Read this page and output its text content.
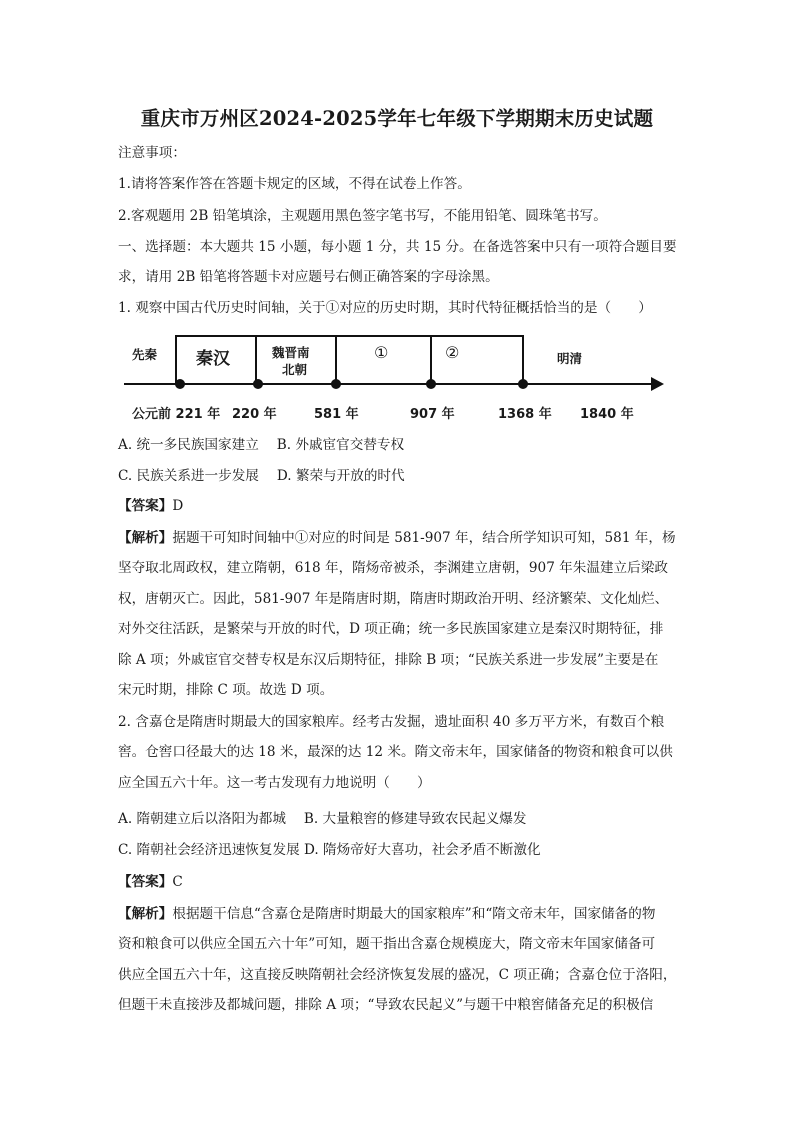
重庆市万州区2024-2025学年七年级下学期期末历史试题
注意事项：
1.请将答案作答在答题卡规定的区域，不得在试卷上作答。
2.客观题用 2B 铅笔填涂，主观题用黑色签字笔书写，不能用铅笔、圆珠笔书写。
一、选择题：本大题共 15 小题，每小题 1 分，共 15 分。在备选答案中只有一项符合题目要
求，请用 2B 铅笔将答题卡对应题号右侧正确答案的字母涂黑。
1. 观察中国古代历史时间轴，关于①对应的历史时期，其时代特征概括恰当的是（　　）
先秦 秦汉	魏晋南
北朝
①	②	明清
公元前 221 年 220 年	581 年	907 年	1368 年 1840 年
A. 统一多民族国家建立　 B. 外戚宦官交替专权
C. 民族关系进一步发展　 D. 繁荣与开放的时代
【答案】D
【解析】据题干可知时间轴中①对应的时间是 581-907 年，结合所学知识可知，581 年，杨
坚夺取北周政权，建立隋朝，618 年，隋炀帝被杀，李渊建立唐朝，907 年朱温建立后梁政
权，唐朝灭亡。因此，581-907 年是隋唐时期，隋唐时期政治开明、经济繁荣、文化灿烂、
对外交往活跃，是繁荣与开放的时代，D 项正确；统一多民族国家建立是秦汉时期特征，排
除 A 项；外戚宦官交替专权是东汉后期特征，排除 B 项；“民族关系进一步发展”主要是在
宋元时期，排除 C 项。故选 D 项。
2. 含嘉仓是隋唐时期最大的国家粮库。经考古发掘，遗址面积 40 多万平方米，有数百个粮
窖。仓窖口径最大的达 18 米，最深的达 12 米。隋文帝末年，国家储备的物资和粮食可以供
应全国五六十年。这一考古发现有力地说明（　　）
A. 隋朝建立后以洛阳为都城　 B. 大量粮窖的修建导致农民起义爆发
C. 隋朝社会经济迅速恢复发展 D. 隋炀帝好大喜功，社会矛盾不断激化
【答案】C
【解析】根据题干信息“含嘉仓是隋唐时期最大的国家粮库”和“隋文帝末年，国家储备的物
资和粮食可以供应全国五六十年”可知，题干指出含嘉仓规模庞大，隋文帝末年国家储备可
供应全国五六十年，这直接反映隋朝社会经济恢复发展的盛况，C 项正确；含嘉仓位于洛阳，
但题干未直接涉及都城问题，排除 A 项；“导致农民起义”与题干中粮窖储备充足的积极信
